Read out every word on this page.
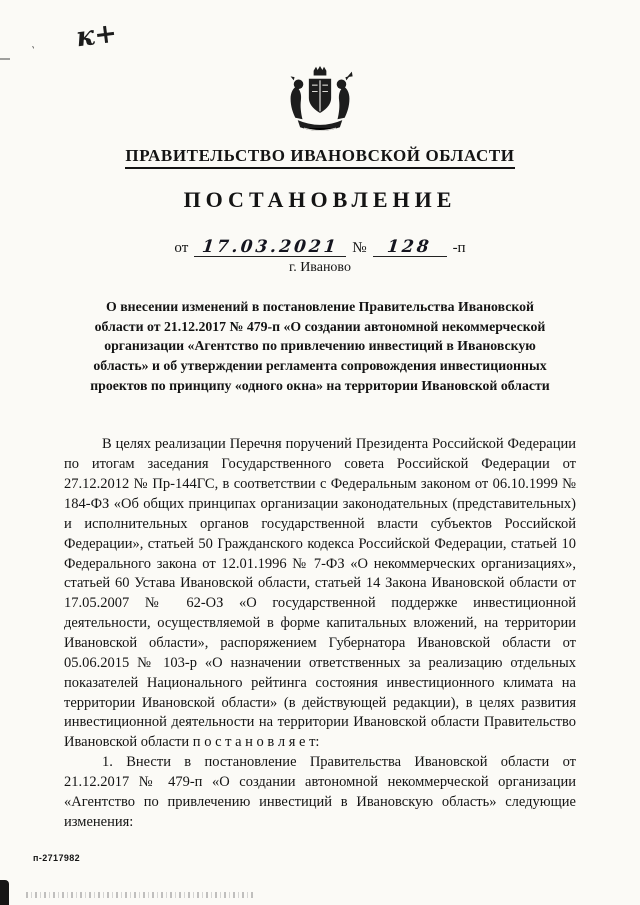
ˎ к+
ПРАВИТЕЛЬСТВО ИВАНОВСКОЙ ОБЛАСТИ
ПОСТАНОВЛЕНИЕ
от 17.03.2021 № 128 -п
г. Иваново
О внесении изменений в постановление Правительства Ивановской области от 21.12.2017 № 479-п «О создании автономной некоммерческой организации «Агентство по привлечению инвестиций в Ивановскую область» и об утверждении регламента сопровождения инвестиционных проектов по принципу «одного окна» на территории Ивановской области

В целях реализации Перечня поручений Президента Российской Федерации по итогам заседания Государственного совета Российской Федерации от 27.12.2012 № Пр-144ГС, в соответствии с Федеральным законом от 06.10.1999 № 184-ФЗ «Об общих принципах организации законодательных (представительных) и исполнительных органов государственной власти субъектов Российской Федерации», статьей 50 Гражданского кодекса Российской Федерации, статьей 10 Федерального закона от 12.01.1996 № 7-ФЗ «О некоммерческих организациях», статьей 60 Устава Ивановской области, статьей 14 Закона Ивановской области от 17.05.2007 № 62-ОЗ «О государственной поддержке инвестиционной деятельности, осуществляемой в форме капитальных вложений, на территории Ивановской области», распоряжением Губернатора Ивановской области от 05.06.2015 № 103-р «О назначении ответственных за реализацию отдельных показателей Национального рейтинга состояния инвестиционного климата на территории Ивановской области» (в действующей редакции), в целях развития инвестиционной деятельности на территории Ивановской области Правительство Ивановской области п о с т а н о в л я е т:

1. Внести в постановление Правительства Ивановской области от 21.12.2017 № 479-п «О создании автономной некоммерческой организации «Агентство по привлечению инвестиций в Ивановскую область» следующие изменения:

п-2717982
